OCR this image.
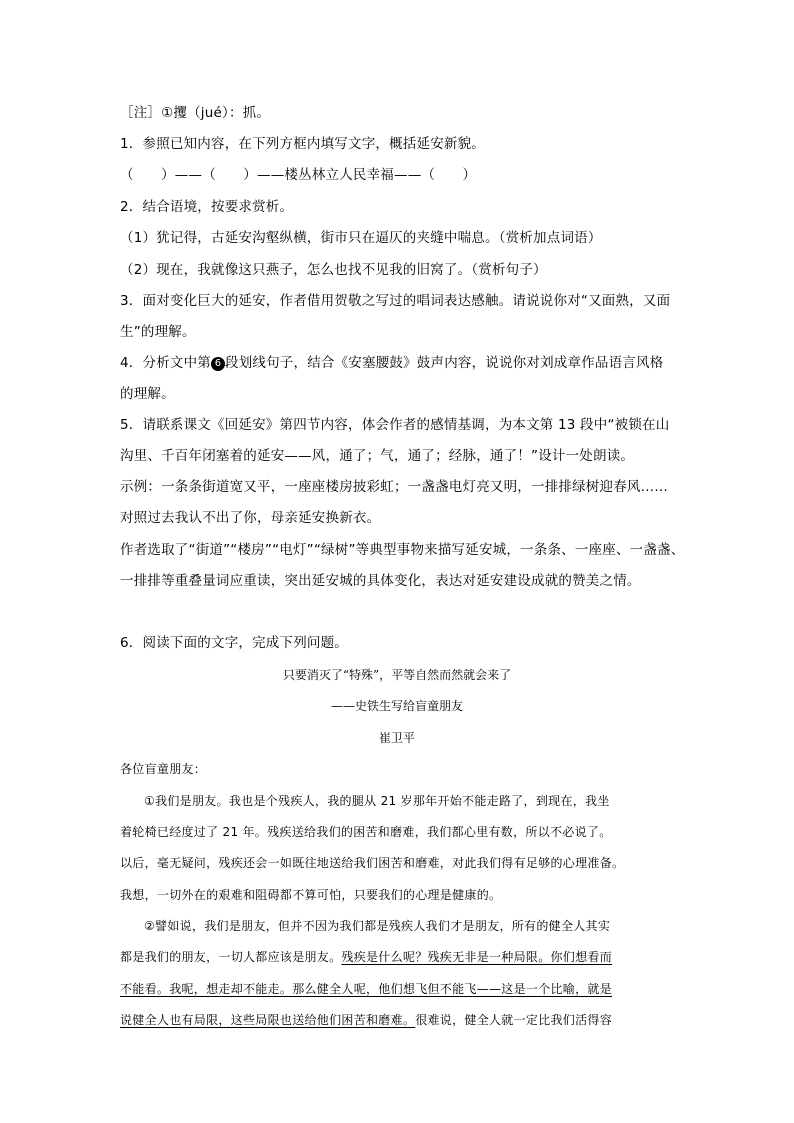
［注］①攫（jué）：抓。
1．参照已知内容，在下列方框内填写文字，概括延安新貌。
（　　）——（　　）——楼丛林立人民幸福——（　　）
2．结合语境，按要求赏析。
（1）犹记得，古延安沟壑纵横，街市只在逼仄的夹缝中喘息。（赏析加点词语）
（2）现在，我就像这只燕子，怎么也找不见我的旧窝了。（赏析句子）
3．面对变化巨大的延安，作者借用贺敬之写过的唱词表达感触。请说说你对“又面熟，又面
生”的理解。
4．分析文中第 6 段划线句子，结合《安塞腰鼓》鼓声内容，说说你对刘成章作品语言风格
的理解。
5．请联系课文《回延安》第四节内容，体会作者的感情基调，为本文第 13 段中“被锁在山
沟里、千百年闭塞着的延安——风，通了；气，通了；经脉，通了！”设计一处朗读。
示例：一条条街道宽又平，一座座楼房披彩虹；一盏盏电灯亮又明，一排排绿树迎春风……
对照过去我认不出了你，母亲延安换新衣。
作者选取了“街道”“楼房”“电灯”“绿树”等典型事物来描写延安城，一条条、一座座、一盏盏、
一排排等重叠量词应重读，突出延安城的具体变化，表达对延安建设成就的赞美之情。
6．阅读下面的文字，完成下列问题。
只要消灭了“特殊”，平等自然而然就会来了
——史铁生写给盲童朋友
崔卫平
各位盲童朋友：
①我们是朋友。我也是个残疾人，我的腿从 21 岁那年开始不能走路了，到现在，我坐
着轮椅已经度过了 21 年。残疾送给我们的困苦和磨难，我们都心里有数，所以不必说了。
以后，毫无疑问，残疾还会一如既往地送给我们困苦和磨难，对此我们得有足够的心理准备。
我想，一切外在的艰难和阻碍都不算可怕，只要我们的心理是健康的。
②譬如说，我们是朋友，但并不因为我们都是残疾人我们才是朋友，所有的健全人其实
都是我们的朋友，一切人都应该是朋友。残疾是什么呢？残疾无非是一种局限。你们想看而
不能看。我呢，想走却不能走。那么健全人呢，他们想飞但不能飞——这是一个比喻，就是
说健全人也有局限，这些局限也送给他们困苦和磨难。很难说，健全人就一定比我们活得容
